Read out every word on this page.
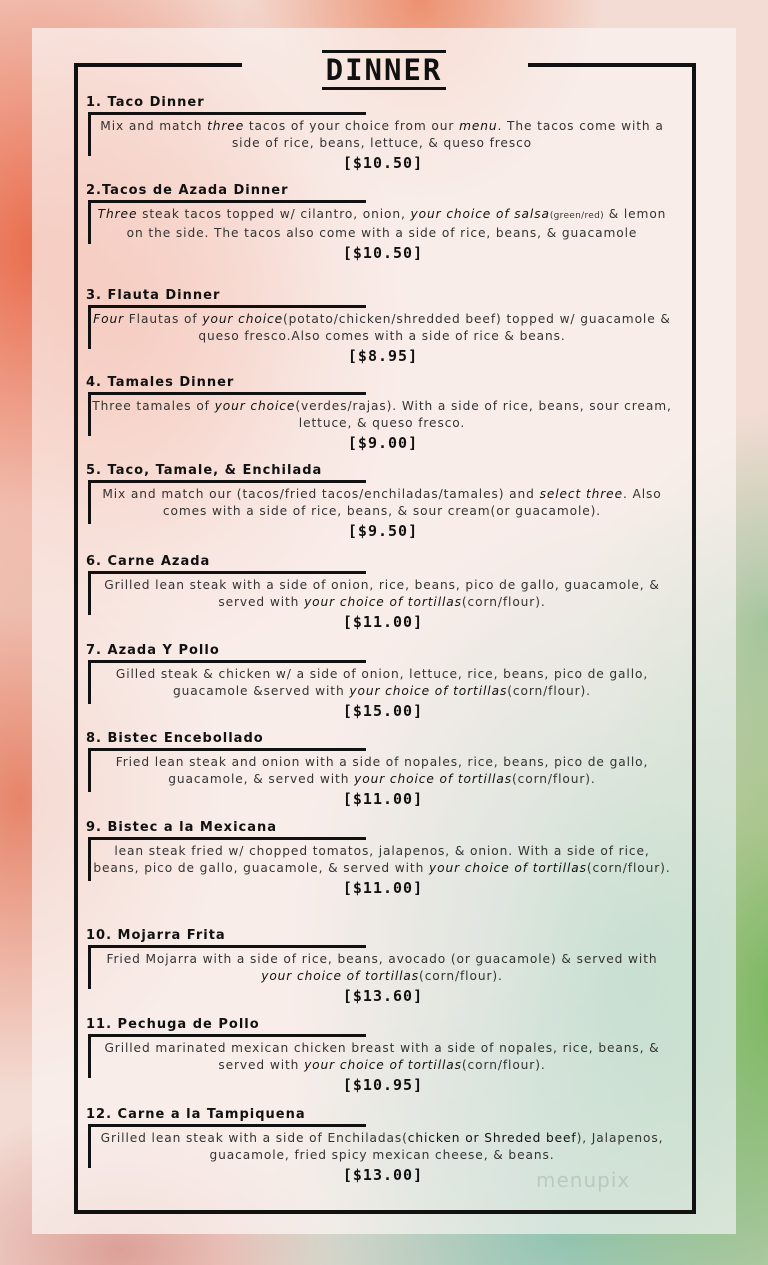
DINNER
1. Taco Dinner

Mix and match three tacos of your choice from our menu. The tacos come with a side of rice, beans, lettuce, & queso fresco

[$10.50]
2.Tacos de Azada Dinner

Three steak tacos topped w/ cilantro, onion, your choice of salsa(green/red) & lemon on the side. The tacos also come with a side of rice, beans, & guacamole

[$10.50]
3. Flauta Dinner

Four Flautas of your choice(potato/chicken/shredded beef) topped w/ guacamole & queso fresco.Also comes with a side of rice & beans.

[$8.95]
4. Tamales Dinner

Three tamales of your choice(verdes/rajas). With a side of rice, beans, sour cream, lettuce, & queso fresco.

[$9.00]
5. Taco, Tamale, & Enchilada

Mix and match our (tacos/fried tacos/enchiladas/tamales) and select three. Also comes with a side of rice, beans, & sour cream(or guacamole).

[$9.50]
6. Carne Azada

Grilled lean steak with a side of onion, rice, beans, pico de gallo, guacamole, & served with your choice of tortillas(corn/flour).

[$11.00]
7. Azada Y Pollo

Gilled steak & chicken w/ a side of onion, lettuce, rice, beans, pico de gallo, guacamole &served with your choice of tortillas(corn/flour).

[$15.00]
8. Bistec Encebollado

Fried lean steak and onion with a side of nopales, rice, beans, pico de gallo, guacamole, & served with your choice of tortillas(corn/flour).

[$11.00]
9. Bistec a la Mexicana

lean steak fried w/ chopped tomatos, jalapenos, & onion. With a side of rice, beans, pico de gallo, guacamole, & served with your choice of tortillas(corn/flour).

[$11.00]
10. Mojarra Frita

Fried Mojarra with a side of rice, beans, avocado (or guacamole) & served with your choice of tortillas(corn/flour).

[$13.60]
11. Pechuga de Pollo

Grilled marinated mexican chicken breast with a side of nopales, rice, beans, & served with your choice of tortillas(corn/flour).

[$10.95]
12. Carne a la Tampiquena

Grilled lean steak with a side of Enchiladas(chicken or Shreded beef), Jalapenos, guacamole, fried spicy mexican cheese, & beans.

[$13.00]	menupix
